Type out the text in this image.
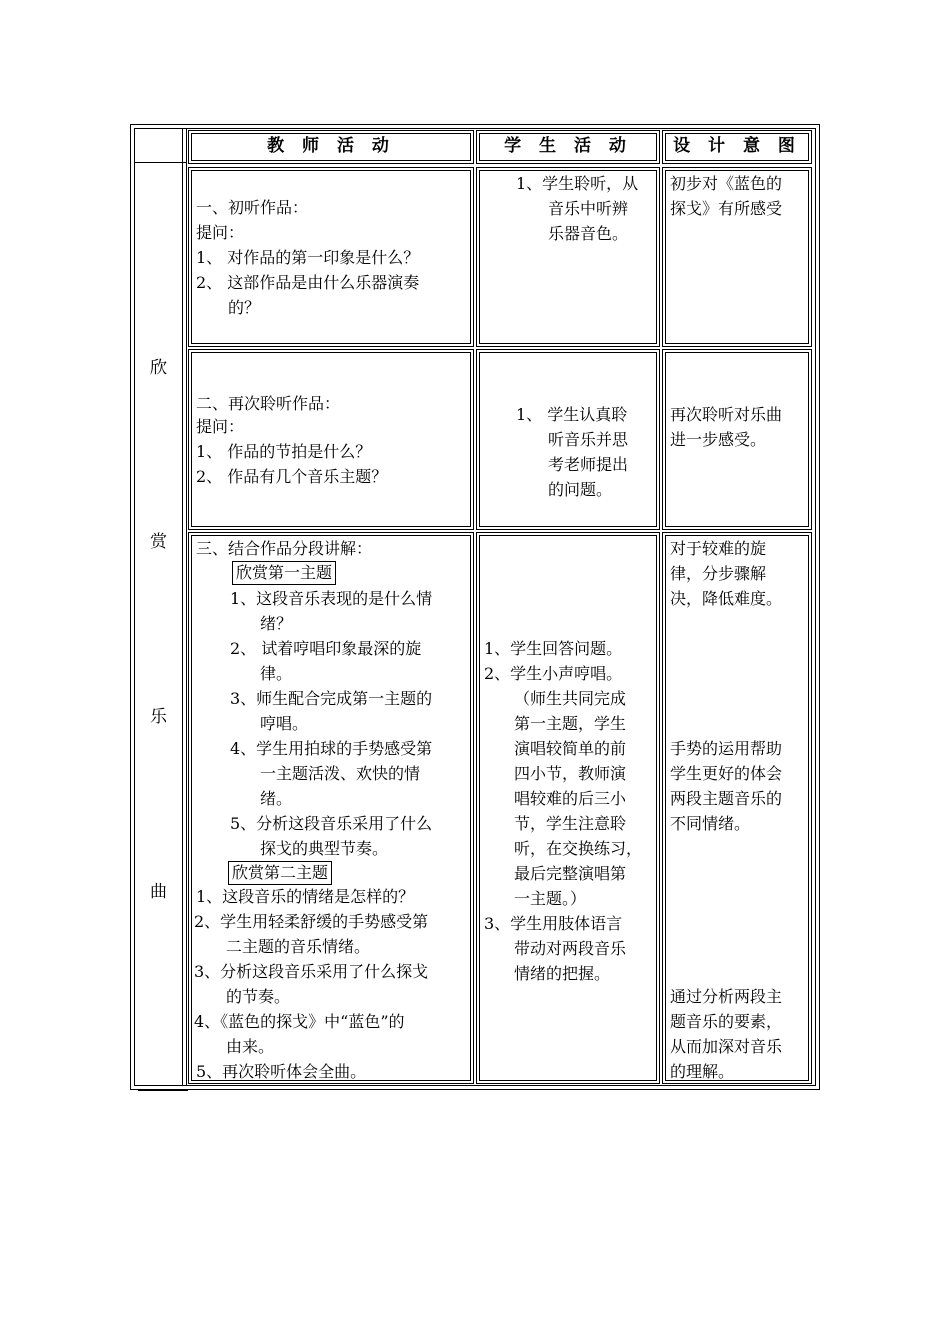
教 师 活 动	学 生 活 动	设 计 意 图
欣
赏
乐
曲
一、初听作品：
提问：
1、 对作品的第一印象是什么？
2、 这部作品是由什么乐器演奏
的？
1、学生聆听，从
音乐中听辨
乐器音色。
初步对《蓝色的
探戈》有所感受
二、再次聆听作品：
提问：
1、 作品的节拍是什么？
2、 作品有几个音乐主题？
1、 学生认真聆
听音乐并思
考老师提出
的问题。
再次聆听对乐曲
进一步感受。
三、结合作品分段讲解：
欣赏第一主题
1、这段音乐表现的是什么情
绪？
2、 试着哼唱印象最深的旋
律。
3、师生配合完成第一主题的
哼唱。
4、学生用拍球的手势感受第
一主题活泼、欢快的情
绪。
5、分析这段音乐采用了什么
探戈的典型节奏。
欣赏第二主题
1、这段音乐的情绪是怎样的？
2、学生用轻柔舒缓的手势感受第
二主题的音乐情绪。
3、分析这段音乐采用了什么探戈
的节奏。
4、《蓝色的探戈》中“蓝色”的
由来。
5、再次聆听体会全曲。
1、学生回答问题。
2、学生小声哼唱。
（师生共同完成
第一主题，学生
演唱较简单的前
四小节，教师演
唱较难的后三小
节，学生注意聆
听，在交换练习，
最后完整演唱第
一主题。）
3、学生用肢体语言
带动对两段音乐
情绪的把握。
对于较难的旋
律，分步骤解
决，降低难度。
手势的运用帮助
学生更好的体会
两段主题音乐的
不同情绪。
通过分析两段主
题音乐的要素，
从而加深对音乐
的理解。
